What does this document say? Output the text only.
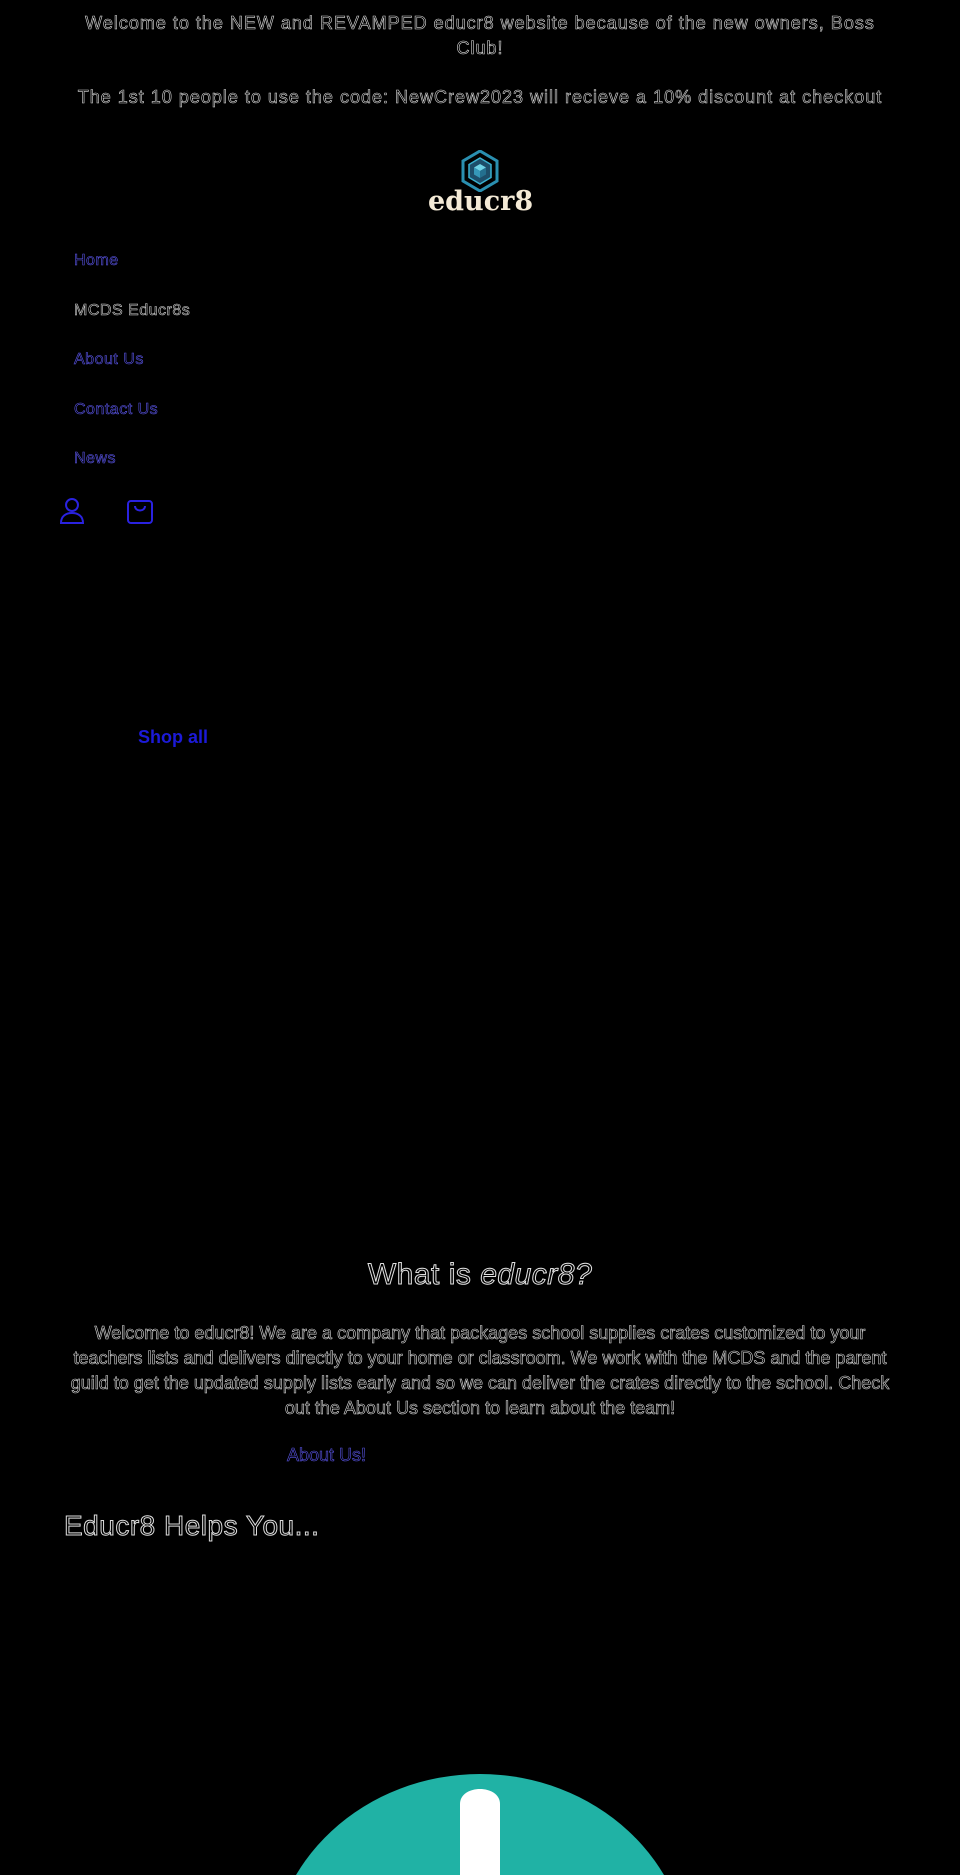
Welcome to the NEW and REVAMPED educr8 website because of the new owners, Boss Club!
The 1st 10 people to use the code: NewCrew2023 will recieve a 10% discount at checkout
educr8
Home
MCDS Educr8s
About Us
Contact Us
News
Shop all
What is educr8?
Welcome to educr8! We are a company that packages school supplies crates customized to your teachers lists and delivers directly to your home or classroom. We work with the MCDS and the parent guild to get the updated supply lists early and so we can deliver the crates directly to the school. Check out the About Us section to learn about the team!
About Us!
Educr8 Helps You...
